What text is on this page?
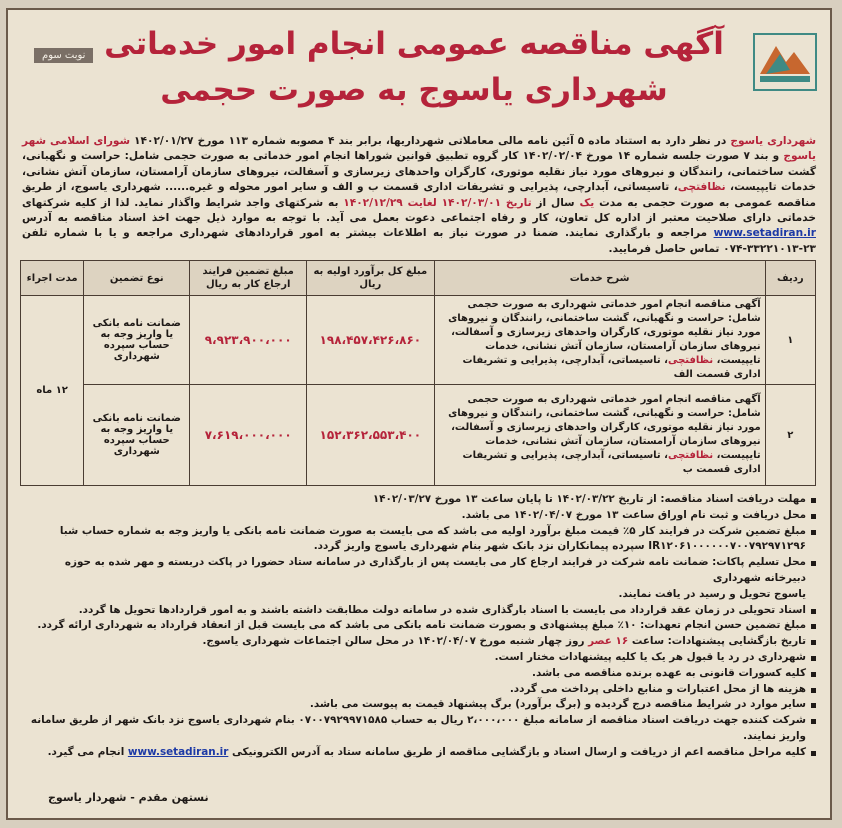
نوبت سوم آگهی مناقصه عمومی انجام امور خدماتی
شهرداری یاسوج به صورت حجمی
شهرداری یاسوج در نظر دارد به استناد ماده ۵ آئین نامه مالی معاملاتی شهرداریها، برابر بند ۴ مصوبه شماره ۱۱۳ مورخ ۱۴۰۲/۰۱/۲۷ شورای اسلامی شهر یاسوج و بند ۷ صورت جلسه شماره ۱۴ مورخ ۱۴۰۲/۰۲/۰۴ کار گروه تطبیق قوانین شوراها انجام امور خدماتی به صورت حجمی شامل: حراست و نگهبانی، گشت ساختمانی، رانندگان و نیروهای مورد نیاز نقلیه موتوری، کارگران واحدهای زیرسازی و آسفالت، نیروهای سازمان آرامستان، سازمان آتش نشانی، خدمات تایپیست، نظافتچی، تاسیساتی، آبدارچی، پذیرایی و تشریفات اداری قسمت ب و الف و سایر امور محوله و غیره...... شهرداری یاسوج، از طریق مناقصه عمومی به صورت حجمی به مدت یک سال از تاریخ ۱۴۰۲/۰۳/۰۱ لغایت ۱۴۰۲/۱۲/۲۹ به شرکتهای واجد شرایط واگذار نماید. لذا از کلیه شرکتهای خدماتی دارای صلاحیت معتبر از اداره کل تعاون، کار و رفاه اجتماعی دعوت بعمل می آید. با توجه به موارد ذیل جهت اخذ اسناد مناقصه به آدرس www.setadiran.ir مراجعه و بارگذاری نمایند. ضمنا در صورت نیاز به اطلاعات بیشتر به امور قراردادهای شهرداری مراجعه و یا با شماره تلفن ۲۳-۳۳۲۲۱۰۱۳-۰۷۴ تماس حاصل فرمایید.
ردیف	شرح خدمات	مبلغ کل برآورد اولیه به ریال	مبلغ تضمین فرایند ارجاع کار به ریال	نوع تضمین	مدت اجراء
۱	آگهی مناقصه انجام امور خدماتی شهرداری به صورت حجمی شامل: حراست و نگهبانی، گشت ساختمانی، رانندگان و نیروهای مورد نیاز نقلیه موتوری، کارگران واحدهای زیرسازی و آسفالت، نیروهای سازمان آرامستان، سازمان آتش نشانی، خدمات تایپیست، نظافتچی، تاسیساتی، آبدارچی، پذیرایی و تشریفات اداری قسمت الف	۱۹۸،۴۵۷،۴۲۶،۸۶۰	۹،۹۲۳،۹۰۰،۰۰۰	ضمانت نامه بانکی یا واریز وجه به حساب سپرده شهرداری	۱۲ ماه
۲	آگهی مناقصه انجام امور خدماتی شهرداری به صورت حجمی شامل: حراست و نگهبانی، گشت ساختمانی، رانندگان و نیروهای مورد نیاز نقلیه موتوری، کارگران واحدهای زیرسازی و آسفالت، نیروهای سازمان آرامستان، سازمان آتش نشانی، خدمات تایپیست، نظافتچی، تاسیساتی، آبدارچی، پذیرایی و تشریفات اداری قسمت ب	۱۵۲،۳۶۲،۵۵۳،۴۰۰	۷،۶۱۹،۰۰۰،۰۰۰	ضمانت نامه بانکی یا واریز وجه به حساب سپرده شهرداری	
مهلت دریافت اسناد مناقصه: از تاریخ ۱۴۰۲/۰۳/۲۲ تا پایان ساعت ۱۳ مورخ ۱۴۰۲/۰۳/۲۷
محل دریافت و ثبت نام اوراق ساعت ۱۳ مورخ ۱۴۰۲/۰۴/۰۷ می باشد.
مبلغ تضمین شرکت در فرایند کار ۵٪ قیمت مبلغ برآورد اولیه می باشد که می بایست به صورت ضمانت نامه بانکی یا واریز وجه به شماره حساب شبا IR۱۲۰۶۱۰۰۰۰۰۰۷۰۰۷۹۲۹۷۱۲۹۶ سپرده پیمانکاران نزد بانک شهر بنام شهرداری یاسوج واریز گردد.
محل تسلیم پاکات: ضمانت نامه شرکت در فرایند ارجاع کار می بایست پس از بارگذاری در سامانه ستاد حضورا در پاکت دربسته و مهر شده به حوزه دبیرخانه شهرداری
یاسوج تحویل و رسید در یافت نمایند.
اسناد تحویلی در زمان عقد قرارداد می بایست با اسناد بارگذاری شده در سامانه دولت مطابقت داشته باشند و به امور قراردادها تحویل ها گردد.
مبلغ تضمین حسن انجام تعهدات: ۱۰٪ مبلغ پیشنهادی و بصورت ضمانت نامه بانکی می باشد که می بایست قبل از انعقاد قرارداد به شهرداری ارائه گردد.
تاریخ بازگشایی پیشنهادات: ساعت ۱۶ عصر روز چهار شنبه مورخ ۱۴۰۲/۰۴/۰۷ در محل سالن اجتماعات شهرداری یاسوج.
شهرداری در رد یا قبول هر یک یا کلیه پیشنهادات مختار است.
کلیه کسورات قانونی به عهده برنده مناقصه می باشد.
هزینه ها از محل اعتبارات و منابع داخلی پرداخت می گردد.
سایر موارد در شرایط مناقصه درج گردیده و (برگ برآورد) برگ پیشنهاد قیمت به پیوست می باشد.
شرکت کننده جهت دریافت اسناد مناقصه از سامانه مبلغ ۲،۰۰۰،۰۰۰ ریال به حساب ۰۷۰۰۷۹۲۹۹۷۱۵۸۵ بنام شهرداری یاسوج نزد بانک شهر از طریق سامانه واریز نمایند.
کلیه مراحل مناقصه اعم از دریافت و ارسال اسناد و بازگشایی مناقصه از طریق سامانه ستاد به آدرس الکترونیکی www.setadiran.ir انجام می گیرد.
نستهن مقدم - شهردار یاسوج
